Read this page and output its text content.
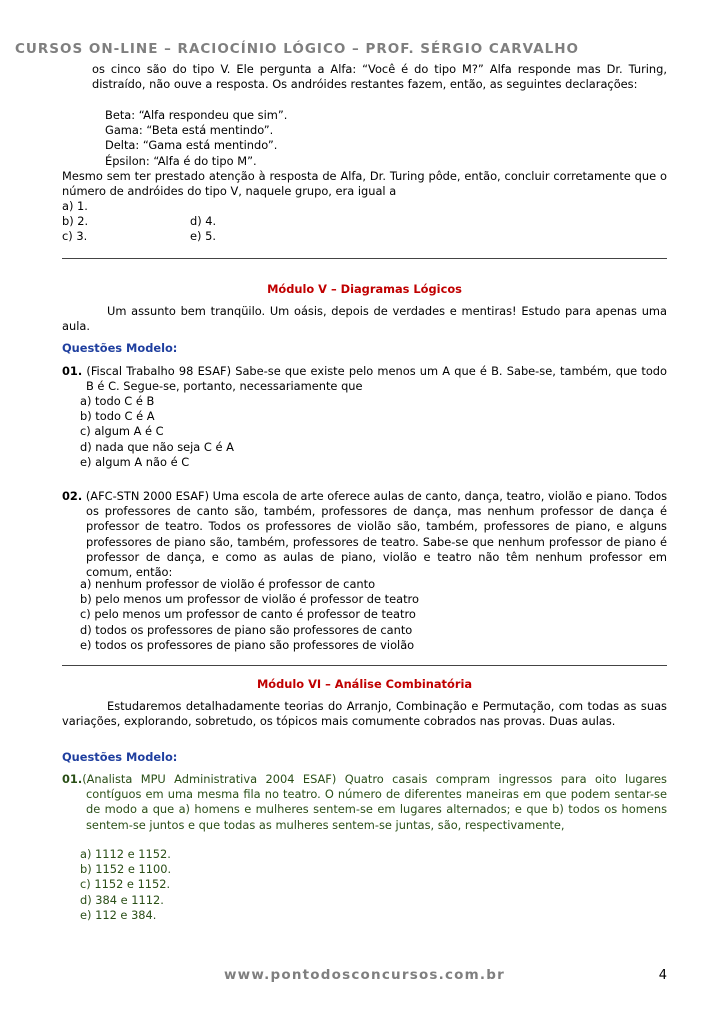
CURSOS ON-LINE – RACIOCÍNIO LÓGICO – PROF. SÉRGIO CARVALHO
os cinco são do tipo V. Ele pergunta a Alfa: “Você é do tipo M?” Alfa responde mas Dr. Turing, distraído, não ouve a resposta. Os andróides restantes fazem, então, as seguintes declarações:
Beta: “Alfa respondeu que sim”.
Gama: “Beta está mentindo”.
Delta: “Gama está mentindo”.
Épsilon: “Alfa é do tipo M”.
Mesmo sem ter prestado atenção à resposta de Alfa, Dr. Turing pôde, então, concluir corretamente que o número de andróides do tipo V, naquele grupo, era igual a
a) 1.
b) 2.	d) 4.
c) 3.	e) 5.
Módulo V – Diagramas Lógicos
Um assunto bem tranqüilo. Um oásis, depois de verdades e mentiras! Estudo para apenas uma aula.
Questões Modelo:
01. (Fiscal Trabalho 98 ESAF) Sabe-se que existe pelo menos um A que é B. Sabe-se, também, que todo B é C. Segue-se, portanto, necessariamente que
a) todo C é B
b) todo C é A
c) algum A é C
d) nada que não seja C é A
e) algum A não é C
02. (AFC-STN 2000 ESAF) Uma escola de arte oferece aulas de canto, dança, teatro, violão e piano. Todos os professores de canto são, também, professores de dança, mas nenhum professor de dança é professor de teatro. Todos os professores de violão são, também, professores de piano, e alguns professores de piano são, também, professores de teatro. Sabe-se que nenhum professor de piano é professor de dança, e como as aulas de piano, violão e teatro não têm nenhum professor em comum, então:
a) nenhum professor de violão é professor de canto
b) pelo menos um professor de violão é professor de teatro
c) pelo menos um professor de canto é professor de teatro
d) todos os professores de piano são professores de canto
e) todos os professores de piano são professores de violão
Módulo VI – Análise Combinatória
Estudaremos detalhadamente teorias do Arranjo, Combinação e Permutação, com todas as suas variações, explorando, sobretudo, os tópicos mais comumente cobrados nas provas. Duas aulas.
Questões Modelo:
01.(Analista MPU Administrativa 2004 ESAF) Quatro casais compram ingressos para oito lugares contíguos em uma mesma fila no teatro. O número de diferentes maneiras em que podem sentar-se de modo a que a) homens e mulheres sentem-se em lugares alternados; e que b) todos os homens sentem-se juntos e que todas as mulheres sentem-se juntas, são, respectivamente,
a) 1112 e 1152.
b) 1152 e 1100.
c) 1152 e 1152.
d) 384 e 1112.
e) 112 e 384.
www.pontodosconcursos.com.br	4
